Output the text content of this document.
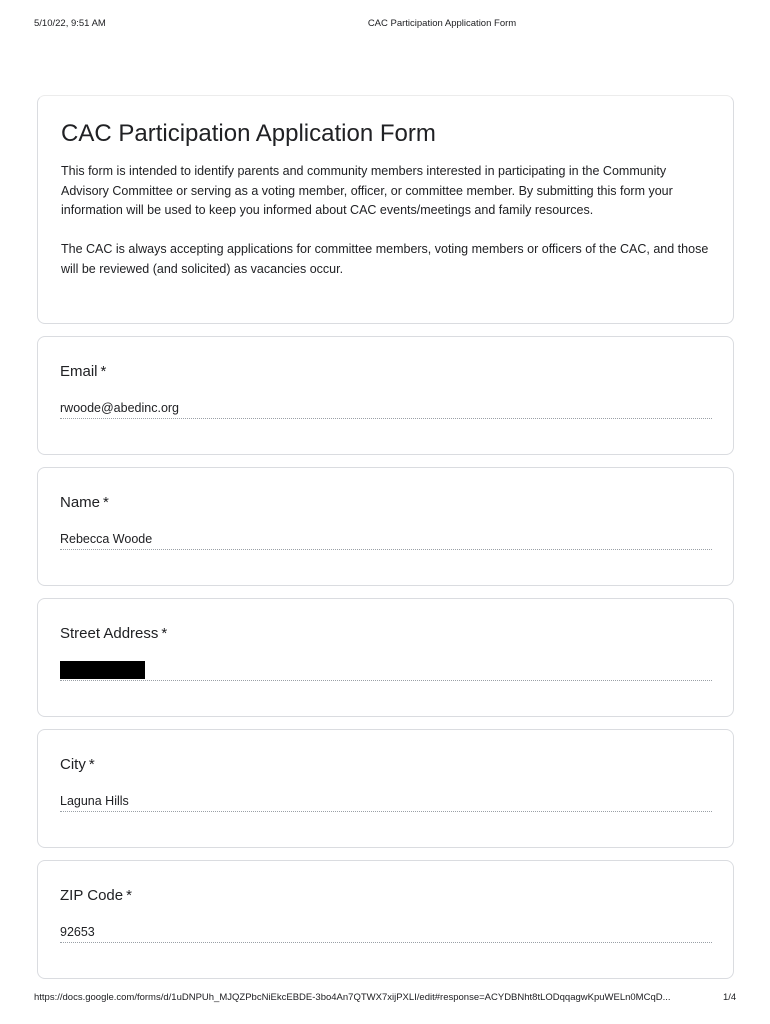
5/10/22, 9:51 AM	CAC Participation Application Form
CAC Participation Application Form

This form is intended to identify parents and community members interested in participating in the Community Advisory Committee or serving as a voting member, officer, or committee member. By submitting this form your information will be used to keep you informed about CAC events/meetings and family resources.

The CAC is always accepting applications for committee members, voting members or officers of the CAC, and those will be reviewed (and solicited) as vacancies occur.

Email *
rwoode@abedinc.org
Name *
Rebecca Woode
Street Address *
City *
Laguna Hills
ZIP Code *
92653
https://docs.google.com/forms/d/1uDNPUh_MJQZPbcNiEkcEBDE-3bo4An7QTWX7xijPXLI/edit#response=ACYDBNht8tLODqqagwKpuWELn0MCqD...	1/4
